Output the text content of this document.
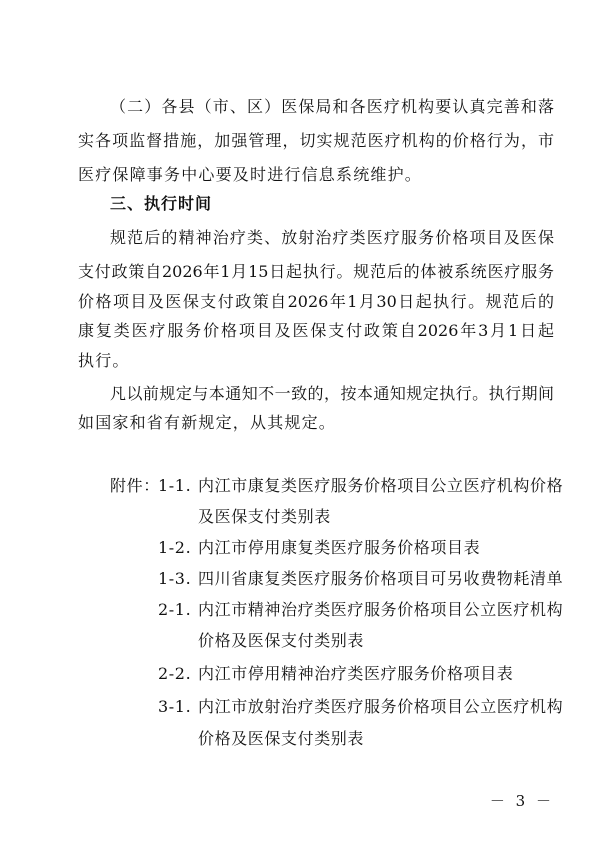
（二）各县（市、区）医保局和各医疗机构要认真完善和落
实各项监督措施，加强管理，切实规范医疗机构的价格行为，市
医疗保障事务中心要及时进行信息系统维护。
三、执行时间
规范后的精神治疗类、放射治疗类医疗服务价格项目及医保
支付政策自2026年1月15日起执行。规范后的体被系统医疗服务
价格项目及医保支付政策自2026年1月30日起执行。规范后的
康复类医疗服务价格项目及医保支付政策自2026年3月1日起
执行。
凡以前规定与本通知不一致的，按本通知规定执行。执行期间
如国家和省有新规定，从其规定。
附件：
1-1. 内江市康复类医疗服务价格项目公立医疗机构价格
及医保支付类别表
1-2. 内江市停用康复类医疗服务价格项目表
1-3. 四川省康复类医疗服务价格项目可另收费物耗清单
2-1. 内江市精神治疗类医疗服务价格项目公立医疗机构
价格及医保支付类别表
2-2. 内江市停用精神治疗类医疗服务价格项目表
3-1. 内江市放射治疗类医疗服务价格项目公立医疗机构
价格及医保支付类别表
－ 3 －
